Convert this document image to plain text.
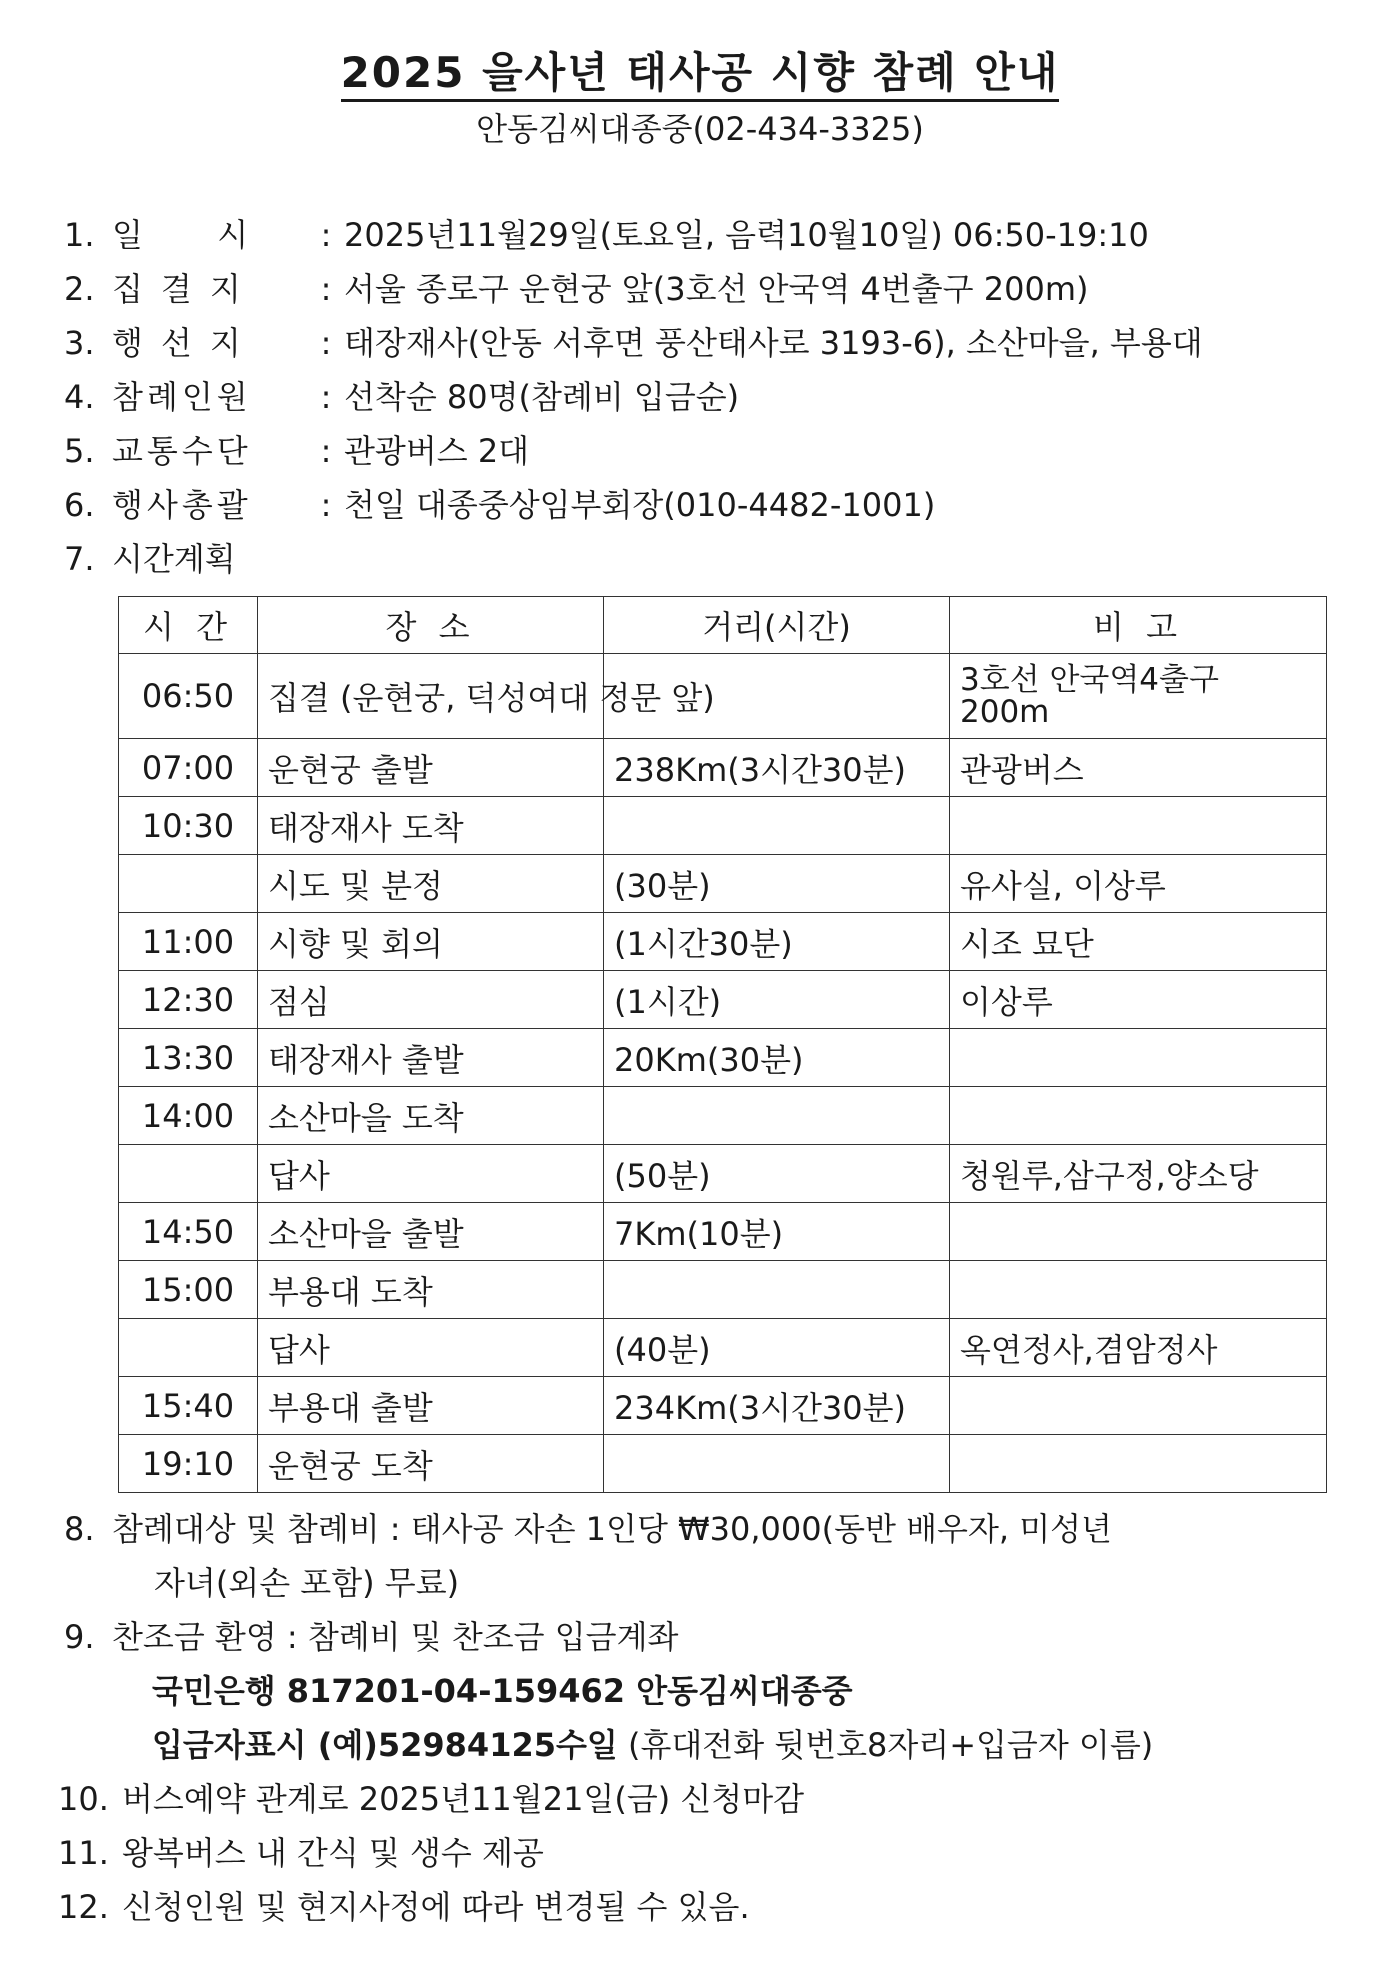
2025 을사년 태사공 시향 참례 안내
안동김씨대종중(02-434-3325)
1. 일  시	: 2025년11월29일(토요일, 음력10월10일) 06:50-19:10
2. 집결지	: 서울 종로구 운현궁 앞(3호선 안국역 4번출구 200m)
3. 행선지	: 태장재사(안동 서후면 풍산태사로 3193-6), 소산마을, 부용대
4. 참례인원	: 선착순 80명(참례비 입금순)
5. 교통수단	: 관광버스 2대
6. 행사총괄	: 천일 대종중상임부회장(010-4482-1001)
7. 시간계획
시 간	장 소	거리(시간)	비 고
06:50	집결 (운현궁, 덕성여대 정문 앞)		3호선 안국역4출구 200m
07:00	운현궁 출발	238Km(3시간30분)	관광버스
10:30	태장재사 도착		
	시도 및 분정	(30분)	유사실, 이상루
11:00	시향 및 회의	(1시간30분)	시조 묘단
12:30	점심	(1시간)	이상루
13:30	태장재사 출발	20Km(30분)	
14:00	소산마을 도착		
	답사	(50분)	청원루,삼구정,양소당
14:50	소산마을 출발	7Km(10분)	
15:00	부용대 도착		
	답사	(40분)	옥연정사,겸암정사
15:40	부용대 출발	234Km(3시간30분)	
19:10	운현궁 도착		
8. 참례대상 및 참례비 : 태사공 자손 1인당 ₩30,000(동반 배우자, 미성년
자녀(외손 포함) 무료)
9. 찬조금 환영 : 참례비 및 찬조금 입금계좌
국민은행 817201-04-159462 안동김씨대종중
입금자표시 (예)52984125수일 (휴대전화 뒷번호8자리+입금자 이름)
10. 버스예약 관계로 2025년11월21일(금) 신청마감
11. 왕복버스 내 간식 및 생수 제공
12. 신청인원 및 현지사정에 따라 변경될 수 있음.
